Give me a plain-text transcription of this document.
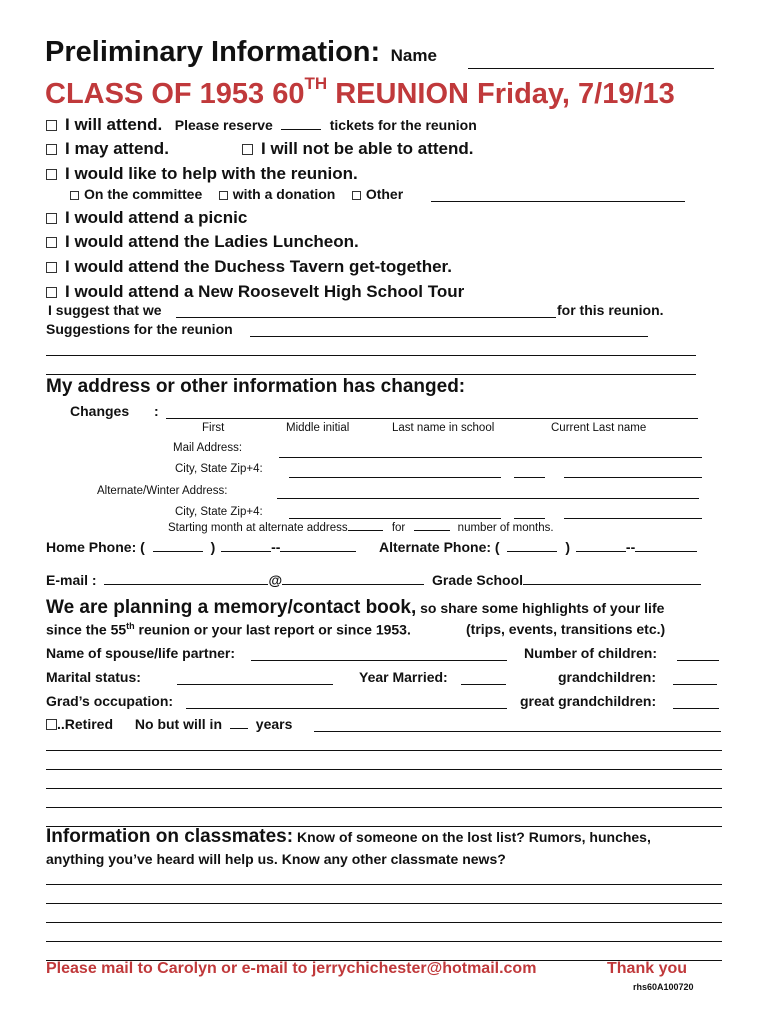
Preliminary Information: Name
CLASS OF 1953 60TH REUNION Friday, 7/19/13
I will attend. Please reserve	tickets for the reunion
I may attend.	I will not be able to attend.
I would like to help with the reunion.
On the committee with a donation Other
I would attend a picnic
I would attend the Ladies Luncheon.
I would attend the Duchess Tavern get-together.
I would attend a New Roosevelt High School Tour
I suggest that we	for this reunion.
Suggestions for the reunion
My address or other information has changed:
Changes :
First	Middle initial	Last name in school	Current Last name
Mail Address:
City, State Zip+4:
Alternate/Winter Address:
City, State Zip+4:
Starting month at alternate address	for	number of months.
Home Phone: (	)	--	Alternate Phone: (	)	--
E-mail :	@	Grade School
We are planning a memory/contact book, so share some highlights of your life
since the 55th reunion or your last report or since 1953.	(trips, events, transitions etc.)
Name of spouse/life partner:	Number of children:
Marital status:	Year Married:	grandchildren:
Grad’s occupation:	great grandchildren:
..Retired No but will in years
Information on classmates: Know of someone on the lost list? Rumors, hunches,
anything you’ve heard will help us. Know any other classmate news?
Please mail to Carolyn or e-mail to jerrychichester@hotmail.com	Thank you
rhs60A100720
